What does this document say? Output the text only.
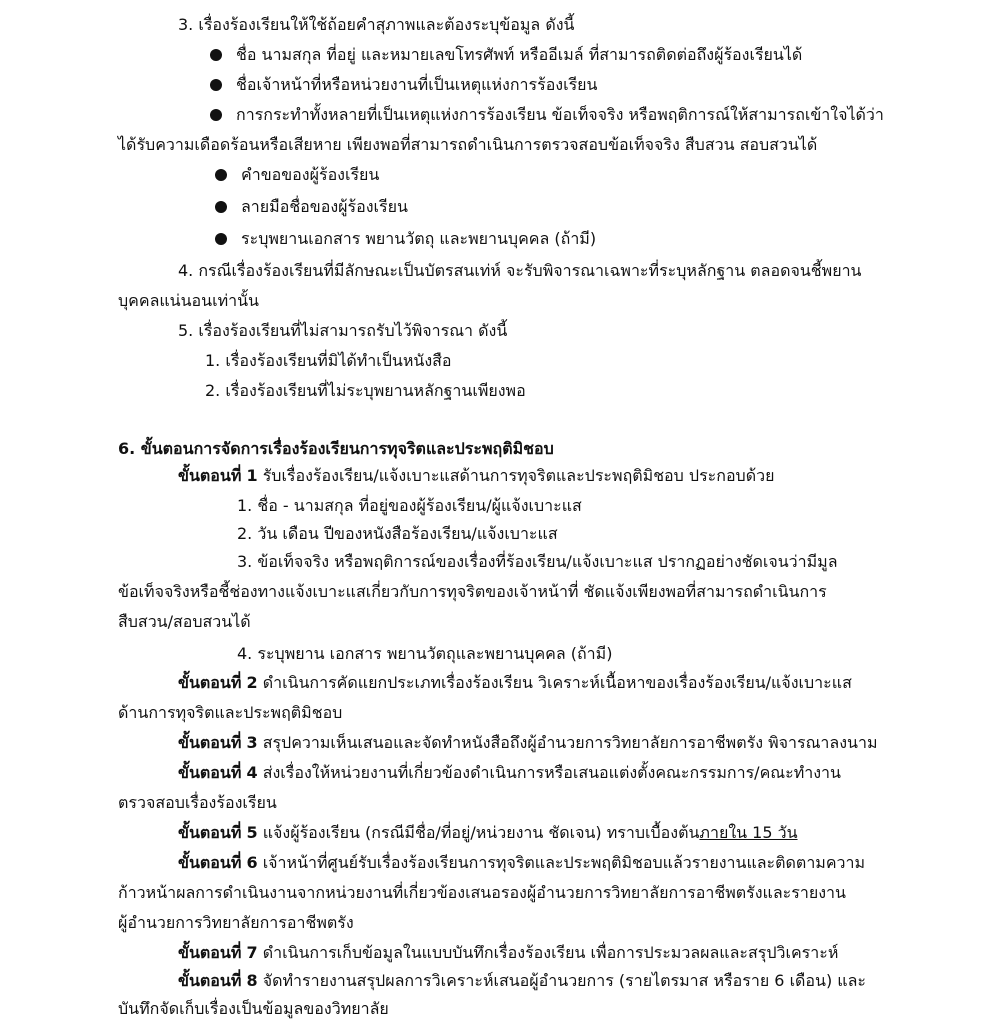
3. เรื่องร้องเรียนให้ใช้ถ้อยคำสุภาพและต้องระบุข้อมูล ดังนี้
ชื่อ นามสกุล ที่อยู่ และหมายเลขโทรศัพท์ หรืออีเมล์ ที่สามารถติดต่อถึงผู้ร้องเรียนได้
ชื่อเจ้าหน้าที่หรือหน่วยงานที่เป็นเหตุแห่งการร้องเรียน
การกระทำทั้งหลายที่เป็นเหตุแห่งการร้องเรียน ข้อเท็จจริง หรือพฤติการณ์ให้สามารถเข้าใจได้ว่า
ได้รับความเดือดร้อนหรือเสียหาย เพียงพอที่สามารถดำเนินการตรวจสอบข้อเท็จจริง สืบสวน สอบสวนได้
คำขอของผู้ร้องเรียน
ลายมือชื่อของผู้ร้องเรียน
ระบุพยานเอกสาร พยานวัตถุ และพยานบุคคล (ถ้ามี)
4. กรณีเรื่องร้องเรียนที่มีลักษณะเป็นบัตรสนเท่ห์ จะรับพิจารณาเฉพาะที่ระบุหลักฐาน ตลอดจนชี้พยาน
บุคคลแน่นอนเท่านั้น
5. เรื่องร้องเรียนที่ไม่สามารถรับไว้พิจารณา ดังนี้
1. เรื่องร้องเรียนที่มิได้ทำเป็นหนังสือ
2. เรื่องร้องเรียนที่ไม่ระบุพยานหลักฐานเพียงพอ
6. ขั้นตอนการจัดการเรื่องร้องเรียนการทุจริตและประพฤติมิชอบ
ขั้นตอนที่ 1 รับเรื่องร้องเรียน/แจ้งเบาะแสด้านการทุจริตและประพฤติมิชอบ ประกอบด้วย
1. ชื่อ - นามสกุล ที่อยู่ของผู้ร้องเรียน/ผู้แจ้งเบาะแส
2. วัน เดือน ปีของหนังสือร้องเรียน/แจ้งเบาะแส
3. ข้อเท็จจริง หรือพฤติการณ์ของเรื่องที่ร้องเรียน/แจ้งเบาะแส ปรากฏอย่างชัดเจนว่ามีมูล
ข้อเท็จจริงหรือชี้ช่องทางแจ้งเบาะแสเกี่ยวกับการทุจริตของเจ้าหน้าที่ ชัดแจ้งเพียงพอที่สามารถดำเนินการ
สืบสวน/สอบสวนได้
4. ระบุพยาน เอกสาร พยานวัตถุและพยานบุคคล (ถ้ามี)
ขั้นตอนที่ 2 ดำเนินการคัดแยกประเภทเรื่องร้องเรียน วิเคราะห์เนื้อหาของเรื่องร้องเรียน/แจ้งเบาะแส
ด้านการทุจริตและประพฤติมิชอบ
ขั้นตอนที่ 3 สรุปความเห็นเสนอและจัดทำหนังสือถึงผู้อำนวยการวิทยาลัยการอาชีพตรัง พิจารณาลงนาม
ขั้นตอนที่ 4 ส่งเรื่องให้หน่วยงานที่เกี่ยวข้องดำเนินการหรือเสนอแต่งตั้งคณะกรรมการ/คณะทำงาน
ตรวจสอบเรื่องร้องเรียน
ขั้นตอนที่ 5 แจ้งผู้ร้องเรียน (กรณีมีชื่อ/ที่อยู่/หน่วยงาน ชัดเจน) ทราบเบื้องต้นภายใน 15 วัน
ขั้นตอนที่ 6 เจ้าหน้าที่ศูนย์รับเรื่องร้องเรียนการทุจริตและประพฤติมิชอบแล้วรายงานและติดตามความ
ก้าวหน้าผลการดำเนินงานจากหน่วยงานที่เกี่ยวข้องเสนอรองผู้อำนวยการวิทยาลัยการอาชีพตรังและรายงาน
ผู้อำนวยการวิทยาลัยการอาชีพตรัง
ขั้นตอนที่ 7 ดำเนินการเก็บข้อมูลในแบบบันทึกเรื่องร้องเรียน เพื่อการประมวลผลและสรุปวิเคราะห์
ขั้นตอนที่ 8 จัดทำรายงานสรุปผลการวิเคราะห์เสนอผู้อำนวยการ (รายไตรมาส หรือราย 6 เดือน) และ
บันทึกจัดเก็บเรื่องเป็นข้อมูลของวิทยาลัย
